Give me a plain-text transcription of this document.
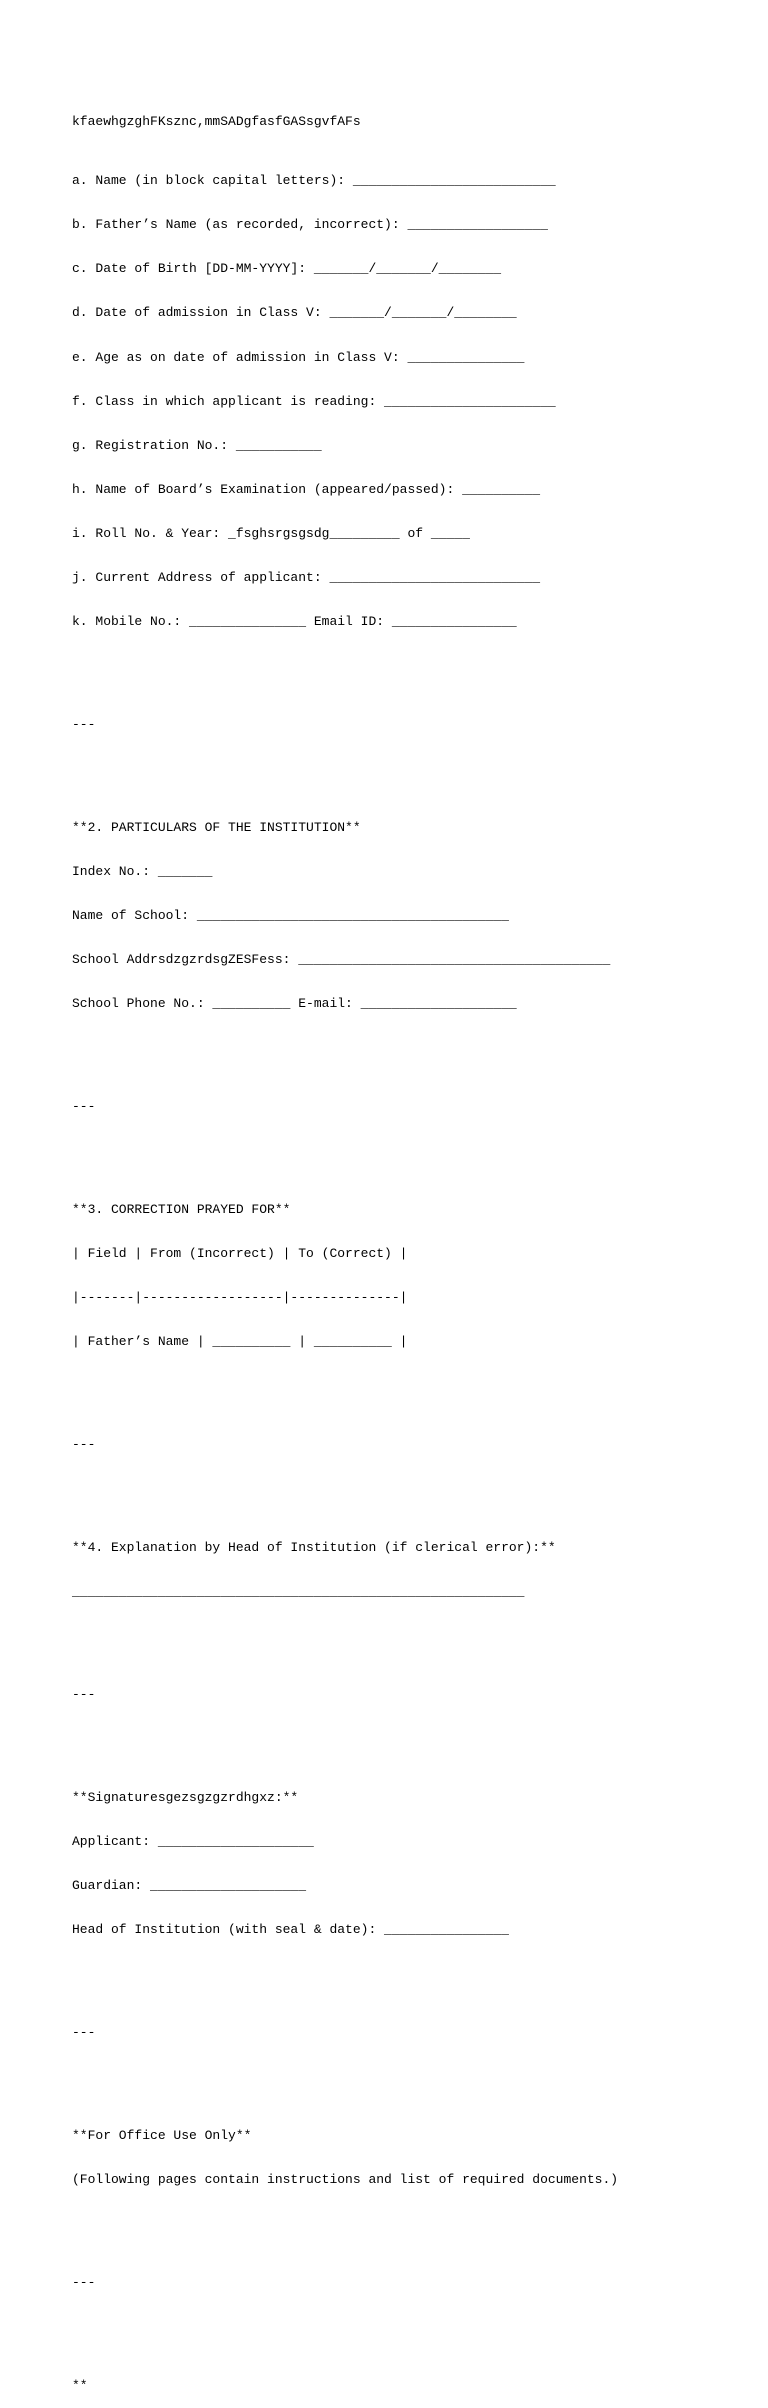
kfaewhgzghFKsznc,mmSADgfasfGASsgvfAFs

a. Name (in block capital letters): __________________________

b. Father’s Name (as recorded, incorrect): __________________

c. Date of Birth [DD-MM-YYYY]: _______/_______/________

d. Date of admission in Class V: _______/_______/________

e. Age as on date of admission in Class V: _______________

f. Class in which applicant is reading: ______________________

g. Registration No.: ___________

h. Name of Board’s Examination (appeared/passed): __________

i. Roll No. & Year: _fsghsrgsgsdg_________ of _____

j. Current Address of applicant: ___________________________

k. Mobile No.: _______________ Email ID: ________________

---

**2. PARTICULARS OF THE INSTITUTION**

Index No.: _______

Name of School: ________________________________________

School AddrsdzgzrdsgZESFess: ________________________________________

School Phone No.: __________ E-mail: ____________________

---

**3. CORRECTION PRAYED FOR**

| Field | From (Incorrect) | To (Correct) |

|-------|------------------|--------------|

| Father’s Name | __________ | __________ |

---

**4. Explanation by Head of Institution (if clerical error):**

__________________________________________________________

---

**Signaturesgezsgzgzrdhgxz:**

Applicant: ____________________

Guardian: ____________________

Head of Institution (with seal & date): ________________

---

**For Office Use Only**

(Following pages contain instructions and list of required documents.)

---

**
